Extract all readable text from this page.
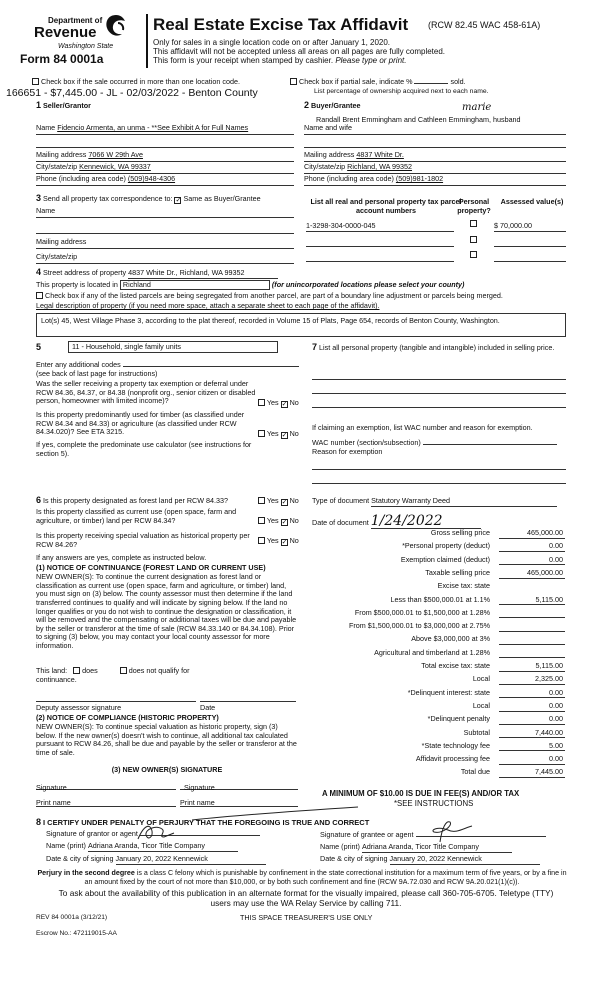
Department of
Revenue
Washington State
Form 84 0001a
Real Estate Excise Tax Affidavit (RCW 82.45 WAC 458-61A)
Only for sales in a single location code on or after January 1, 2020.
This affidavit will not be accepted unless all areas on all pages are fully completed.
This form is your receipt when stamped by cashier. Please type or print.
Check box if the sale occurred in more than one location code.	Check box if partial sale, indicate %	sold.
166651 - $7,445.00 - JL - 02/03/2022 - Benton County	List percentage of ownership acquired next to each name.
1 Seller/Grantor
Name Fidencio Armenta, an unma - **See Exhibit A for Full Names
Mailing address 7066 W 29th Ave
City/state/zip Kennewick, WA 99337
Phone (including area code) (509)948-4306
2 Buyer/Grantee	marie
Randall Brent Emmingham and Cathleen Emmingham, husband
Name and wife
Mailing address 4837 White Dr.
City/state/zip Richland, WA 99352
Phone (including area code) (509)981-1802
3 Send all property tax correspondence to: ✓ Same as Buyer/Grantee
Name
Mailing address
City/state/zip
List all real and personal property tax parcel account numbers
Personal property?
Assessed value(s)
1-3298-304-0000-045	$ 70,000.00
4 Street address of property 4837 White Dr., Richland, WA 99352
This property is located in Richland	(for unincorporated locations please select your county)
Check box if any of the listed parcels are being segregated from another parcel, are part of a boundary line adjustment or parcels being merged.
Legal description of property (if you need more space, attach a separate sheet to each page of the affidavit).
Lot(s) 45, West Village Phase 3, according to the plat thereof, recorded in Volume 15 of Plats, Page 654, records of Benton County, Washington.
5	11 - Household, single family units
Enter any additional codes
(see back of last page for instructions)
Was the seller receiving a property tax exemption or deferral under RCW 84.36, 84.37, or 84.38 (nonprofit org., senior citizen or disabled person, homeowner with limited income)?	Yes ✓ No
Is this property predominantly used for timber (as classified under RCW 84.34 and 84.33) or agriculture (as classified under RCW 84.34.020)? See ETA 3215.	Yes ✓ No
If yes, complete the predominate use calculator (see instructions for section 5).
7 List all personal property (tangible and intangible) included in selling price.
If claiming an exemption, list WAC number and reason for exemption.
WAC number (section/subsection)
Reason for exemption
6 Is this property designated as forest land per RCW 84.33?	Yes ✓ No
Is this property classified as current use (open space, farm and agriculture, or timber) land per RCW 84.34?	Yes ✓ No
Is this property receiving special valuation as historical property per RCW 84.26?	Yes ✓ No
If any answers are yes, complete as instructed below.
(1) NOTICE OF CONTINUANCE (FOREST LAND OR CURRENT USE)
NEW OWNER(S): To continue the current designation as forest land or classification as current use (open space, farm and agriculture, or timber) land, you must sign on (3) below. The county assessor must then determine if the land transferred continues to qualify and will indicate by signing below. If the land no longer qualifies or you do not wish to continue the designation or classification, it will be removed and the compensating or additional taxes will be due and payable by the seller or transferor at the time of sale (RCW 84.33.140 or 84.34.108). Prior to signing (3) below, you may contact your local county assessor for more information.
This land: does	does not qualify for
continuance.
Deputy assessor signature	Date
(2) NOTICE OF COMPLIANCE (HISTORIC PROPERTY)
NEW OWNER(S): To continue special valuation as historic property, sign (3) below. If the new owner(s) doesn't wish to continue, all additional tax calculated pursuant to RCW 84.26, shall be due and payable by the seller or transferor at the time of sale.
(3) NEW OWNER(S) SIGNATURE
Signature	Signature
Print name	Print name
Type of document Statutory Warranty Deed
Date of document 1/24/2022
Gross selling price	465,000.00
*Personal property (deduct)	0.00
Exemption claimed (deduct)	0.00
Taxable selling price	465,000.00
Excise tax: state

Less than $500,000.01 at 1.1%	5,115.00
From $500,000.01 to $1,500,000 at 1.28%

From $1,500,000.01 to $3,000,000 at 2.75%

Above $3,000,000 at 3%

Agricultural and timberland at 1.28%

Total excise tax: state	5,115.00
Local	2,325.00
*Delinquent interest: state	0.00
Local	0.00
*Delinquent penalty	0.00
Subtotal	7,440.00
*State technology fee	5.00
Affidavit processing fee	0.00
Total due	7,445.00
A MINIMUM OF $10.00 IS DUE IN FEE(S) AND/OR TAX
*SEE INSTRUCTIONS
8 I CERTIFY UNDER PENALTY OF PERJURY THAT THE FOREGOING IS TRUE AND CORRECT
Signature of grantor or agent
Name (print) Adriana Aranda, Ticor Title Company
Date & city of signing January 20, 2022 Kennewick
Signature of grantee or agent
Name (print) Adriana Aranda, Ticor Title Company
Date & city of signing January 20, 2022 Kennewick
Perjury in the second degree is a class C felony which is punishable by confinement in the state correctional institution for a maximum term of five years, or by a fine in an amount fixed by the court of not more than $10,000, or by both such confinement and fine (RCW 9A.72.030 and RCW 9A.20.021(1)(c)).
To ask about the availability of this publication in an alternate format for the visually impaired, please call 360-705-6705. Teletype (TTY) users may use the WA Relay Service by calling 711.
REV 84 0001a (3/12/21)	THIS SPACE TREASURER'S USE ONLY
Escrow No.: 472119015-AA
